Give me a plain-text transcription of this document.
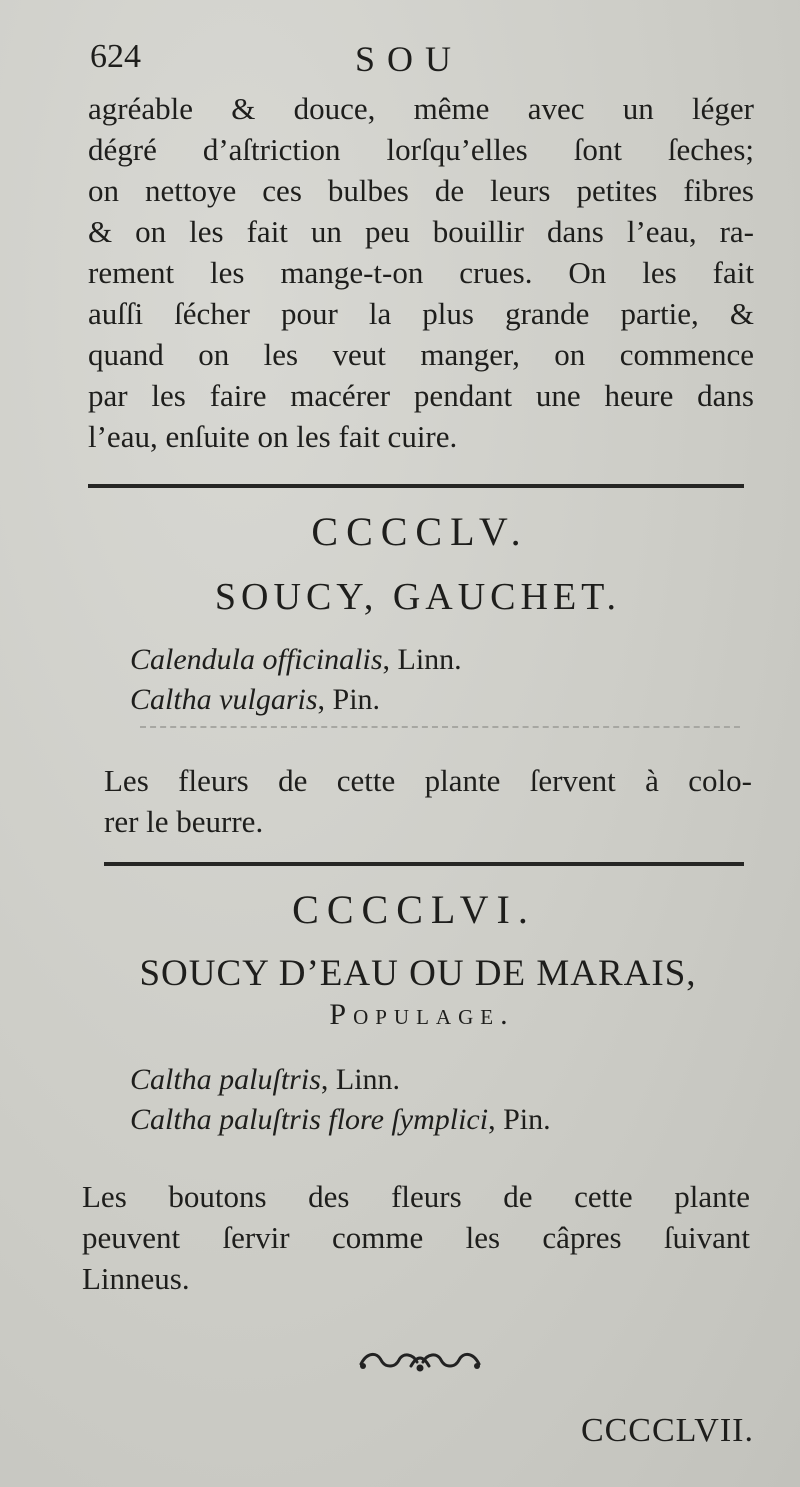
624	SOU

agréable & douce, même avec un léger
dégré d’aſtriction lorſqu’elles ſont ſeches;
on nettoye ces bulbes de leurs petites fibres
& on les fait un peu bouillir dans l’eau, ra-
rement les mange-t-on crues. On les fait
auſſi ſécher pour la plus grande partie, &
quand on les veut manger, on commence
par les faire macérer pendant une heure dans
l’eau, enſuite on les fait cuire.

CCCCLV.
SOUCY, GAUCHET.
Calendula officinalis, Linn.
Caltha vulgaris, Pin.

Les fleurs de cette plante ſervent à colo-
rer le beurre.

CCCCLVI.
SOUCY D’EAU OU DE MARAIS,
Populage.
Caltha paluſtris, Linn.
Caltha paluſtris flore ſymplici, Pin.

Les boutons des fleurs de cette plante
peuvent ſervir comme les câpres ſuivant
Linneus.

CCCCLVII.
